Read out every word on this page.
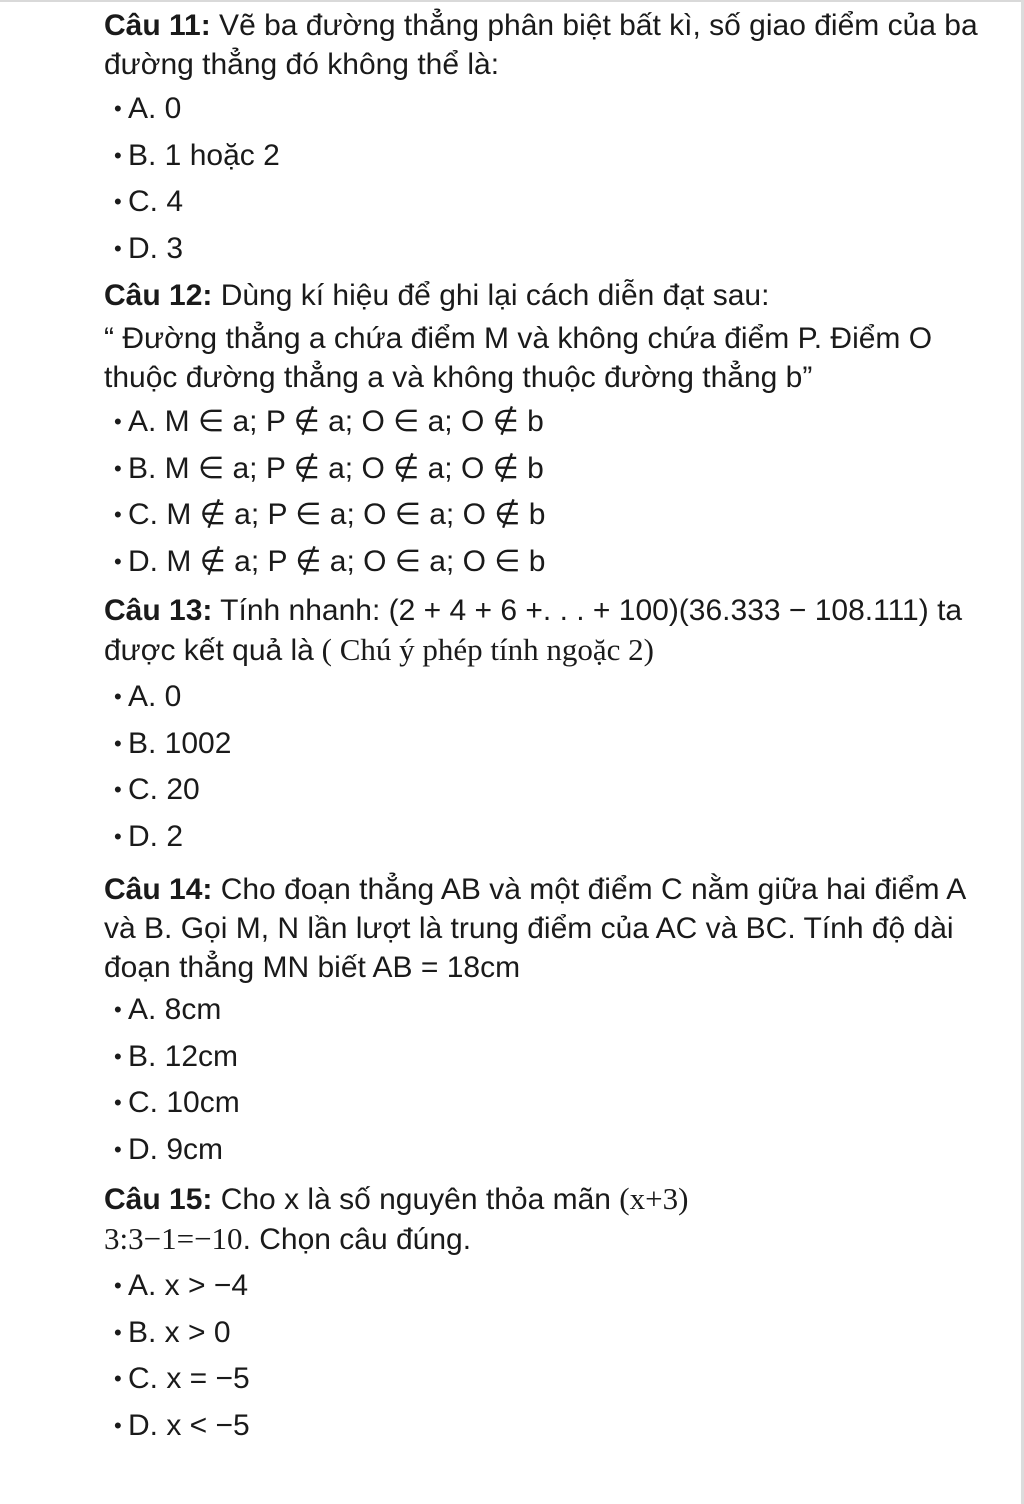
Câu 11: Vẽ ba đường thẳng phân biệt bất kì, số giao điểm của ba đường thẳng đó không thể là:

• A. 0
• B. 1 hoặc 2
• C. 4
• D. 3

Câu 12: Dùng kí hiệu để ghi lại cách diễn đạt sau:

“ Đường thẳng a chứa điểm M và không chứa điểm P. Điểm O thuộc đường thẳng a và không thuộc đường thẳng b”

• A. M ∈ a; P ∉ a; O ∈ a; O ∉ b
• B. M ∈ a; P ∉ a; O ∉ a; O ∉ b
• C. M ∉ a; P ∈ a; O ∈ a; O ∉ b
• D. M ∉ a; P ∉ a; O ∈ a; O ∈ b

Câu 13: Tính nhanh: (2 + 4 + 6 +. . . + 100)(36.333 − 108.111) ta được kết quả là ( Chú ý phép tính ngoặc 2)

• A. 0
• B. 1002
• C. 20
• D. 2

Câu 14: Cho đoạn thẳng AB và một điểm C nằm giữa hai điểm A và B. Gọi M, N lần lượt là trung điểm của AC và BC. Tính độ dài đoạn thẳng MN biết AB = 18cm

• A. 8cm
• B. 12cm
• C. 10cm
• D. 9cm

Câu 15: Cho x là số nguyên thỏa mãn (x+3)
3:3−1=−10. Chọn câu đúng.

• A. x > −4
• B. x > 0
• C. x = −5
• D. x < −5
